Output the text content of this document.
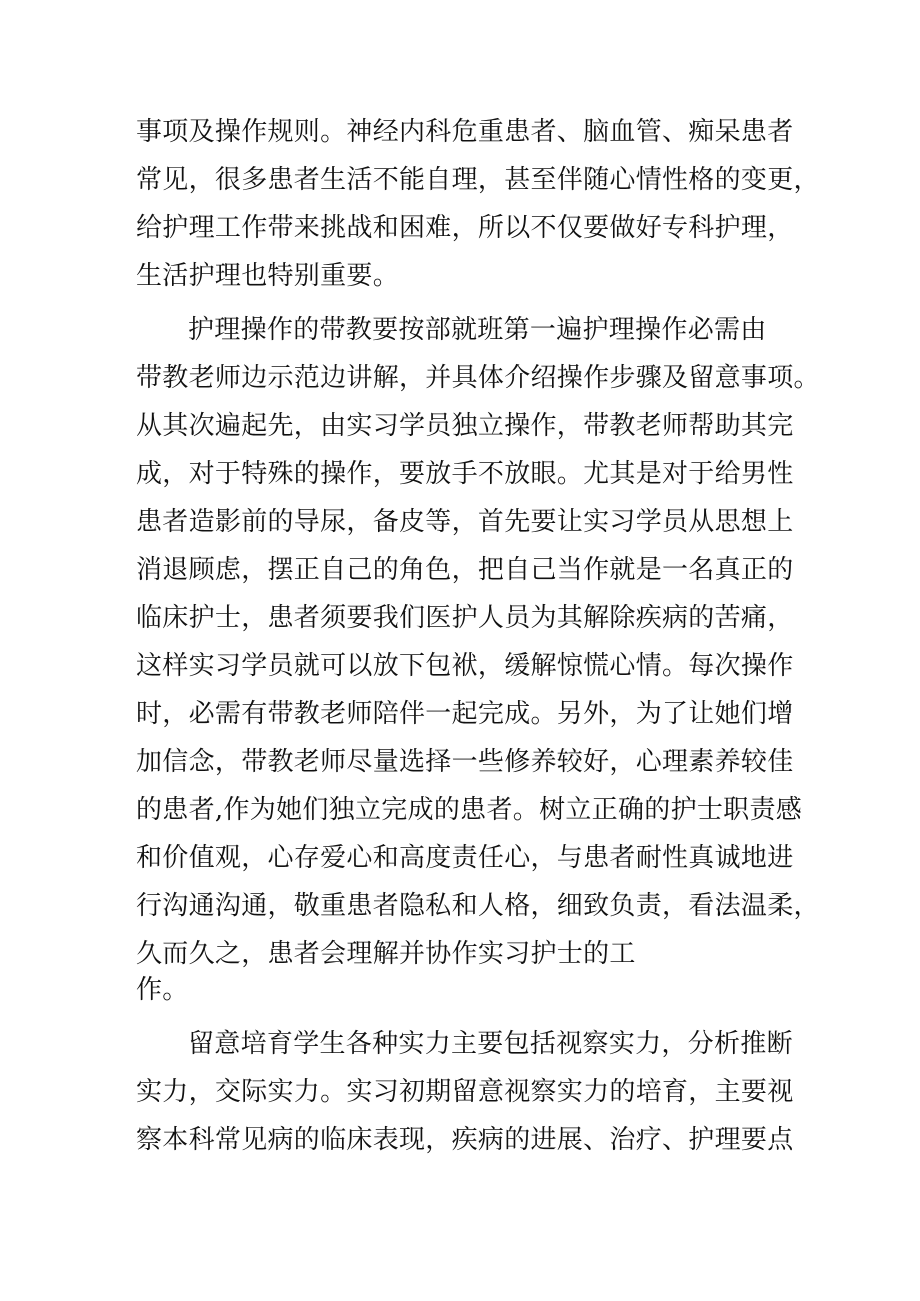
事项及操作规则。神经内科危重患者、脑血管、痴呆患者
常见，很多患者生活不能自理，甚至伴随心情性格的变更，
给护理工作带来挑战和困难，所以不仅要做好专科护理，
生活护理也特别重要。
护理操作的带教要按部就班第一遍护理操作必需由
带教老师边示范边讲解，并具体介绍操作步骤及留意事项。
从其次遍起先，由实习学员独立操作，带教老师帮助其完
成，对于特殊的操作，要放手不放眼。尤其是对于给男性
患者造影前的导尿，备皮等，首先要让实习学员从思想上
消退顾虑，摆正自己的角色，把自己当作就是一名真正的
临床护士，患者须要我们医护人员为其解除疾病的苦痛，
这样实习学员就可以放下包袱，缓解惊慌心情。每次操作
时，必需有带教老师陪伴一起完成。另外，为了让她们增
加信念，带教老师尽量选择一些修养较好，心理素养较佳
的患者,作为她们独立完成的患者。树立正确的护士职责感
和价值观，心存爱心和高度责任心，与患者耐性真诚地进
行沟通沟通，敬重患者隐私和人格，细致负责，看法温柔，
久而久之，患者会理解并协作实习护士的工
作。
留意培育学生各种实力主要包括视察实力，分析推断
实力，交际实力。实习初期留意视察实力的培育，主要视
察本科常见病的临床表现，疾病的进展、治疗、护理要点
